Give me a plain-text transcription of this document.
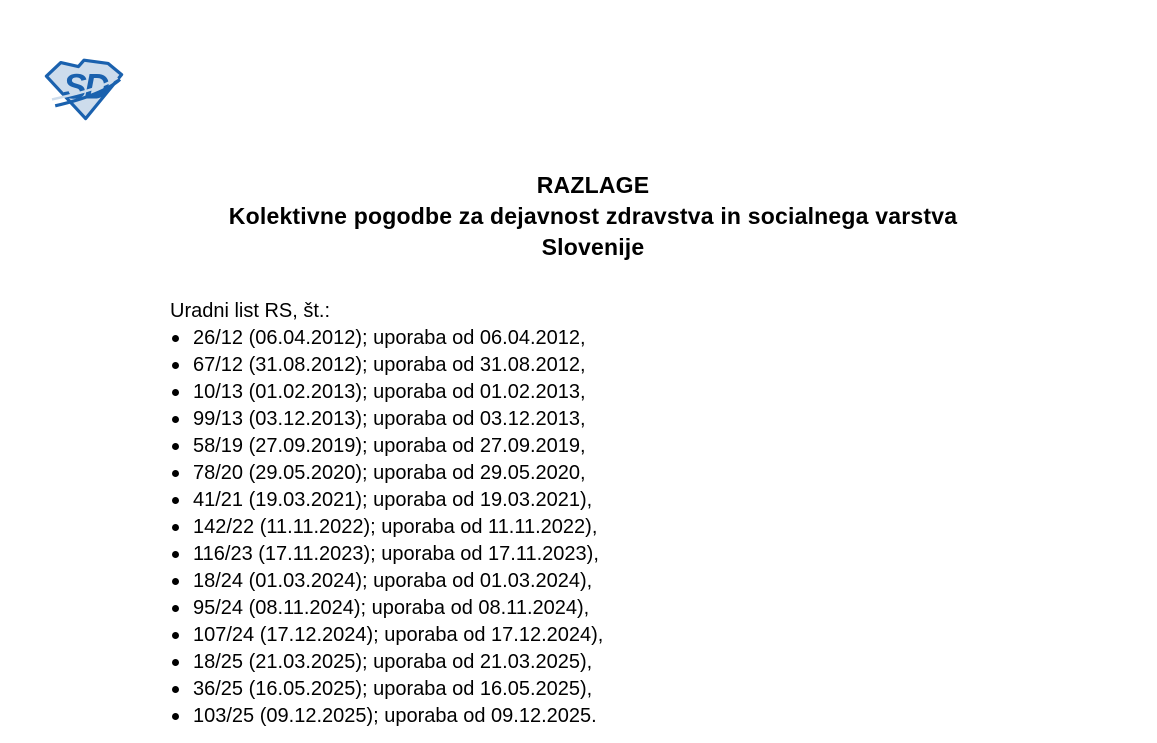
SD
RAZLAGE
Kolektivne pogodbe za dejavnost zdravstva in socialnega varstva
Slovenije

Uradni list RS, št.:

26/12 (06.04.2012); uporaba od 06.04.2012,
67/12 (31.08.2012); uporaba od 31.08.2012,
10/13 (01.02.2013); uporaba od 01.02.2013,
99/13 (03.12.2013); uporaba od 03.12.2013,
58/19 (27.09.2019); uporaba od 27.09.2019,
78/20 (29.05.2020); uporaba od 29.05.2020,
41/21 (19.03.2021); uporaba od 19.03.2021),
142/22 (11.11.2022); uporaba od 11.11.2022),
116/23 (17.11.2023); uporaba od 17.11.2023),
18/24 (01.03.2024); uporaba od 01.03.2024),
95/24 (08.11.2024); uporaba od 08.11.2024),
107/24 (17.12.2024); uporaba od 17.12.2024),
18/25 (21.03.2025); uporaba od 21.03.2025),
36/25 (16.05.2025); uporaba od 16.05.2025),
103/25 (09.12.2025); uporaba od 09.12.2025.
